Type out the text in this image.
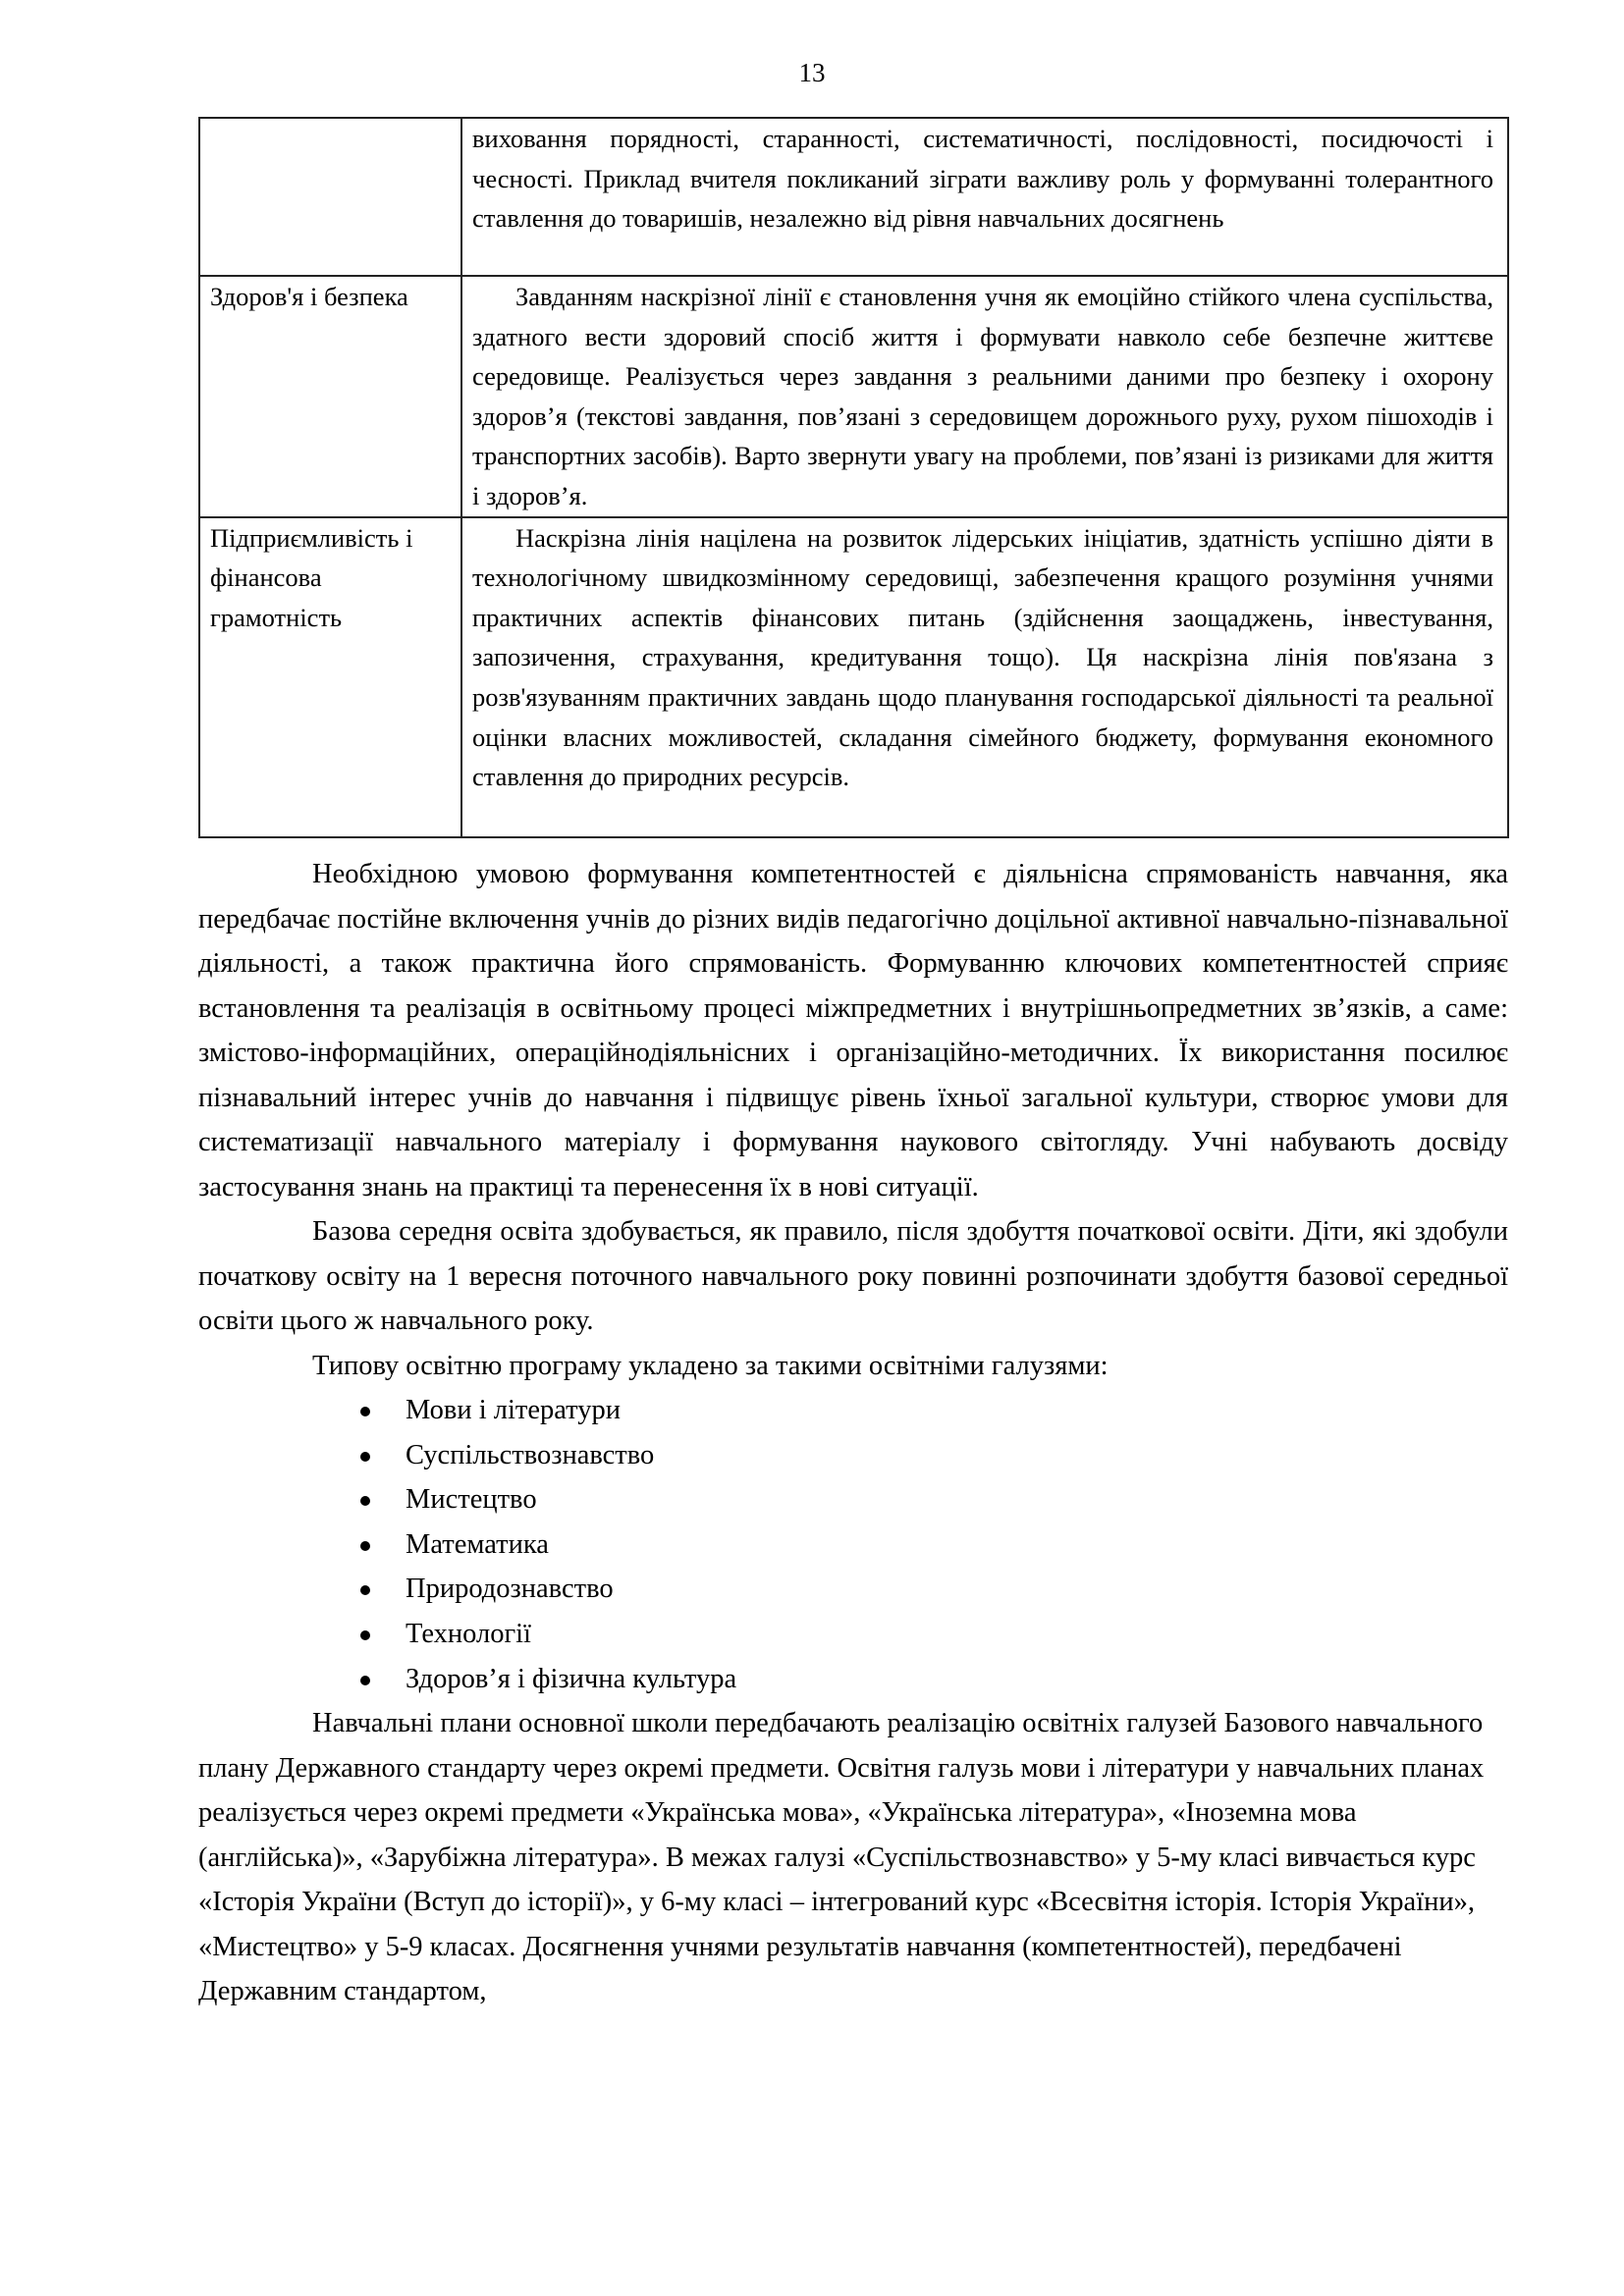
13
	виховання порядності, старанності, систематичності, послідовності, посидючості і чесності. Приклад вчителя покликаний зіграти важливу роль у формуванні толерантного ставлення до товаришів, незалежно від рівня навчальних досягнень
Здоров'я і безпека	Завданням наскрізної лінії є становлення учня як емоційно стійкого члена суспільства, здатного вести здоровий спосіб життя і формувати навколо себе безпечне життєве середовище. Реалізується через завдання з реальними даними про безпеку і охорону здоров’я (текстові завдання, пов’язані з середовищем дорожнього руху, рухом пішоходів і транспортних засобів). Варто звернути увагу на проблеми, пов’язані із ризиками для життя і здоров’я.
Підприємливість і фінансова грамотність	Наскрізна лінія націлена на розвиток лідерських ініціатив, здатність успішно діяти в технологічному швидкозмінному середовищі, забезпечення кращого розуміння учнями практичних аспектів фінансових питань (здійснення заощаджень, інвестування, запозичення, страхування, кредитування тощо). Ця наскрізна лінія пов'язана з розв'язуванням практичних завдань щодо планування господарської діяльності та реальної оцінки власних можливостей, складання сімейного бюджету, формування економного ставлення до природних ресурсів.

Необхідною умовою формування компетентностей є діяльнісна спрямованість навчання, яка передбачає постійне включення учнів до різних видів педагогічно доцільної активної навчально-пізнавальної діяльності, а також практична його спрямованість. Формуванню ключових компетентностей сприяє встановлення та реалізація в освітньому процесі міжпредметних і внутрішньопредметних зв’язків, а саме: змістово-інформаційних, операційнодіяльнісних і організаційно-методичних. Їх використання посилює пізнавальний інтерес учнів до навчання і підвищує рівень їхньої загальної культури, створює умови для систематизації навчального матеріалу і формування наукового світогляду. Учні набувають досвіду застосування знань на практиці та перенесення їх в нові ситуації.

Базова середня освіта здобувається, як правило, після здобуття початкової освіти. Діти, які здобули початкову освіту на 1 вересня поточного навчального року повинні розпочинати здобуття базової середньої освіти цього ж навчального року.

Типову освітню програму укладено за такими освітніми галузями:

Мови і літератури
Суспільствознавство
Мистецтво
Математика
Природознавство
Технології
Здоров’я і фізична культура

Навчальні плани основної школи передбачають реалізацію освітніх галузей Базового навчального плану Державного стандарту через окремі предмети. Освітня галузь мови і літератури у навчальних планах реалізується через окремі предмети «Українська мова», «Українська література», «Іноземна мова (англійська)», «Зарубіжна література». В межах галузі «Суспільствознавство» у 5-му класі вивчається курс «Історія України (Вступ до історії)», у 6-му класі – інтегрований курс «Всесвітня історія. Історія України», «Мистецтво» у 5-9 класах. Досягнення учнями результатів навчання (компетентностей), передбачені Державним стандартом,
